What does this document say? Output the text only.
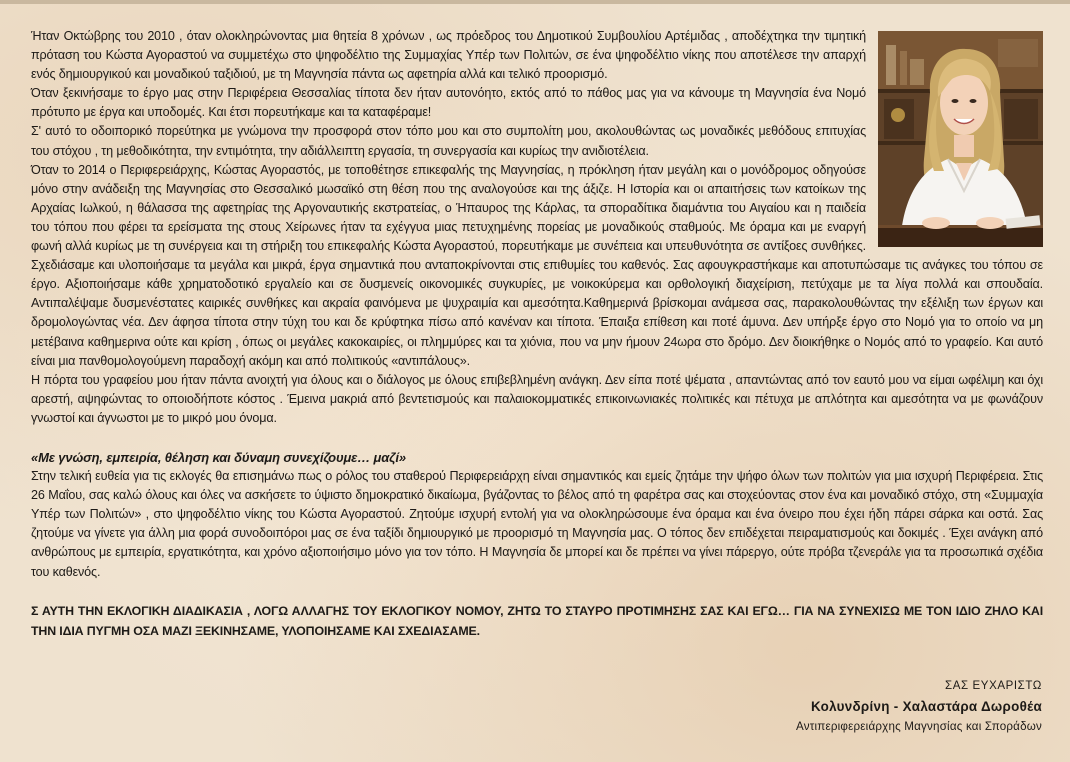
Ήταν Οκτώβρης του 2010 , όταν ολοκληρώνοντας μια θητεία 8 χρόνων , ως πρόεδρος του Δημοτικού Συμβουλίου Αρτέμιδας , αποδέχτηκα την τιμητική πρόταση του Κώστα Αγοραστού να συμμετέχω στο ψηφοδέλτιο της Συμμαχίας Υπέρ των Πολιτών, σε ένα ψηφοδέλτιο νίκης που αποτέλεσε την απαρχή ενός δημιουργικού και μοναδικού ταξιδιού, με τη Μαγνησία πάντα ως αφετηρία αλλά και τελικό προορισμό.

Όταν ξεκινήσαμε το έργο μας στην Περιφέρεια Θεσσαλίας τίποτα δεν ήταν αυτονόητο, εκτός από το πάθος μας για να κάνουμε τη Μαγνησία ένα Νομό πρότυπο με έργα και υποδομές. Και έτσι πορευτήκαμε και τα καταφέραμε!

Σ' αυτό το οδοιπορικό πορεύτηκα με γνώμονα την προσφορά στον τόπο μου και στο συμπολίτη μου, ακολουθώντας ως μοναδικές μεθόδους επιτυχίας του στόχου , τη μεθοδικότητα, την εντιμότητα, την αδιάλλειπτη εργασία, τη συνεργασία και κυρίως την ανιδιοτέλεια.

Όταν το 2014 ο Περιφερειάρχης, Κώστας Αγοραστός, με τοποθέτησε επικεφαλής της Μαγνησίας, η πρόκληση ήταν μεγάλη και ο μονόδρομος οδηγούσε μόνο στην ανάδειξη της Μαγνησίας στο Θεσσαλικό μωσαϊκό στη θέση που της αναλογούσε και της άξιζε. Η Ιστορία και οι απαιτήσεις των κατοίκων της Αρχαίας Ιωλκού, η θάλασσα της αφετηρίας της Αργοναυτικής εκστρατείας, ο Ήπαυρος της Κάρλας, τα σποραδίτικα διαμάντια του Αιγαίου και η παιδεία του τόπου που φέρει τα ερείσματα της στους Χείρωνες ήταν τα εχέγγυα μιας πετυχημένης πορείας με μοναδικούς σταθμούς. Με όραμα και με εναργή φωνή αλλά κυρίως με τη συνέργεια και τη στήριξη του επικεφαλής Κώστα Αγοραστού, πορευτήκαμε με συνέπεια και υπευθυνότητα σε αντίξοες συνθήκες. Σχεδιάσαμε και υλοποιήσαμε τα μεγάλα και μικρά, έργα σημαντικά που ανταποκρίνονται στις επιθυμίες του καθενός. Σας αφουγκραστήκαμε και αποτυπώσαμε τις ανάγκες του τόπου σε έργο. Αξιοποιήσαμε κάθε χρηματοδοτικό εργαλείο και σε δυσμενείς οικονομικές συγκυρίες, με νοικοκύρεμα και ορθολογική διαχείριση, πετύχαμε με τα λίγα πολλά και σπουδαία. Αντιπαλέψαμε δυσμενέστατες καιρικές συνθήκες και ακραία φαινόμενα με ψυχραιμία και αμεσότητα.Καθημερινά βρίσκομαι ανάμεσα σας, παρακολουθώντας την εξέλιξη των έργων και δρομολογώντας νέα. Δεν άφησα τίποτα στην τύχη του και δε κρύφτηκα πίσω από κανέναν και τίποτα. Έπαιξα επίθεση και ποτέ άμυνα. Δεν υπήρξε έργο στο Νομό για το οποίο να μη μετέβαινα καθημερινα ούτε και κρίση , όπως οι μεγάλες κακοκαιρίες, οι πλημμύρες και τα χιόνια, που να μην ήμουν 24ωρα στο δρόμο. Δεν διοικήθηκε ο Νομός από το γραφείο. Και αυτό είναι μια πανθομολογούμενη παραδοχή ακόμη και από πολιτικούς «αντιπάλους».

Η πόρτα του γραφείου μου ήταν πάντα ανοιχτή για όλους και ο διάλογος με όλους επιβεβλημένη ανάγκη. Δεν είπα ποτέ ψέματα , απαντώντας από τον εαυτό μου να είμαι ωφέλιμη και όχι αρεστή, αψηφώντας το οποιοδήποτε κόστος . Έμεινα μακριά από βεντετισμούς και παλαιοκομματικές επικοινωνιακές πολιτικές και πέτυχα με απλότητα και αμεσότητα να με φωνάζουν γνωστοί και άγνωστοι με το μικρό μου όνομα.

«Με γνώση, εμπειρία, θέληση και δύναμη συνεχίζουμε… μαζί»

Στην τελική ευθεία για τις εκλογές θα επισημάνω πως ο ρόλος του σταθερού Περιφερειάρχη είναι σημαντικός και εμείς ζητάμε την ψήφο όλων των πολιτών για μια ισχυρή Περιφέρεια. Στις 26 Μαΐου, σας καλώ όλους και όλες να ασκήσετε το ύψιστο δημοκρατικό δικαίωμα, βγάζοντας το βέλος από τη φαρέτρα σας και στοχεύοντας στον ένα και μοναδικό στόχο, στη «Συμμαχία Υπέρ των Πολιτών» , στο ψηφοδέλτιο νίκης του Κώστα Αγοραστού. Ζητούμε ισχυρή εντολή για να ολοκληρώσουμε ένα όραμα και ένα όνειρο που έχει ήδη πάρει σάρκα και οστά. Σας ζητούμε να γίνετε για άλλη μια φορά συνοδοιπόροι μας σε ένα ταξίδι δημιουργικό με προορισμό τη Μαγνησία μας. Ο τόπος δεν επιδέχεται πειραματισμούς και δοκιμές . Έχει ανάγκη από ανθρώπους με εμπειρία, εργατικότητα, και χρόνο αξιοποιήσιμο μόνο για τον τόπο. Η Μαγνησία δε μπορεί και δε πρέπει να γίνει πάρεργο, ούτε πρόβα τζενεράλε για τα προσωπικά σχέδια του καθενός.

Σ ΑΥΤΗ ΤΗΝ ΕΚΛΟΓΙΚΗ ΔΙΑΔΙΚΑΣΙΑ , ΛΟΓΩ ΑΛΛΑΓΗΣ ΤΟΥ ΕΚΛΟΓΙΚΟΥ ΝΟΜΟΥ, ΖΗΤΩ ΤΟ ΣΤΑΥΡΟ ΠΡΟΤΙΜΗΣΗΣ ΣΑΣ ΚΑΙ ΕΓΩ… ΓΙΑ ΝΑ ΣΥΝΕΧΙΣΩ ΜΕ ΤΟΝ ΙΔΙΟ ΖΗΛΟ ΚΑΙ ΤΗΝ ΙΔΙΑ ΠΥΓΜΗ ΟΣΑ ΜΑΖΙ ΞΕΚΙΝΗΣΑΜΕ, ΥΛΟΠΟΙΗΣΑΜΕ ΚΑΙ ΣΧΕΔΙΑΣΑΜΕ.

ΣΑΣ ΕΥΧΑΡΙΣΤΩ
Κολυνδρίνη - Χαλαστάρα Δωροθέα
Αντιπεριφερειάρχης Μαγνησίας και Σποράδων
